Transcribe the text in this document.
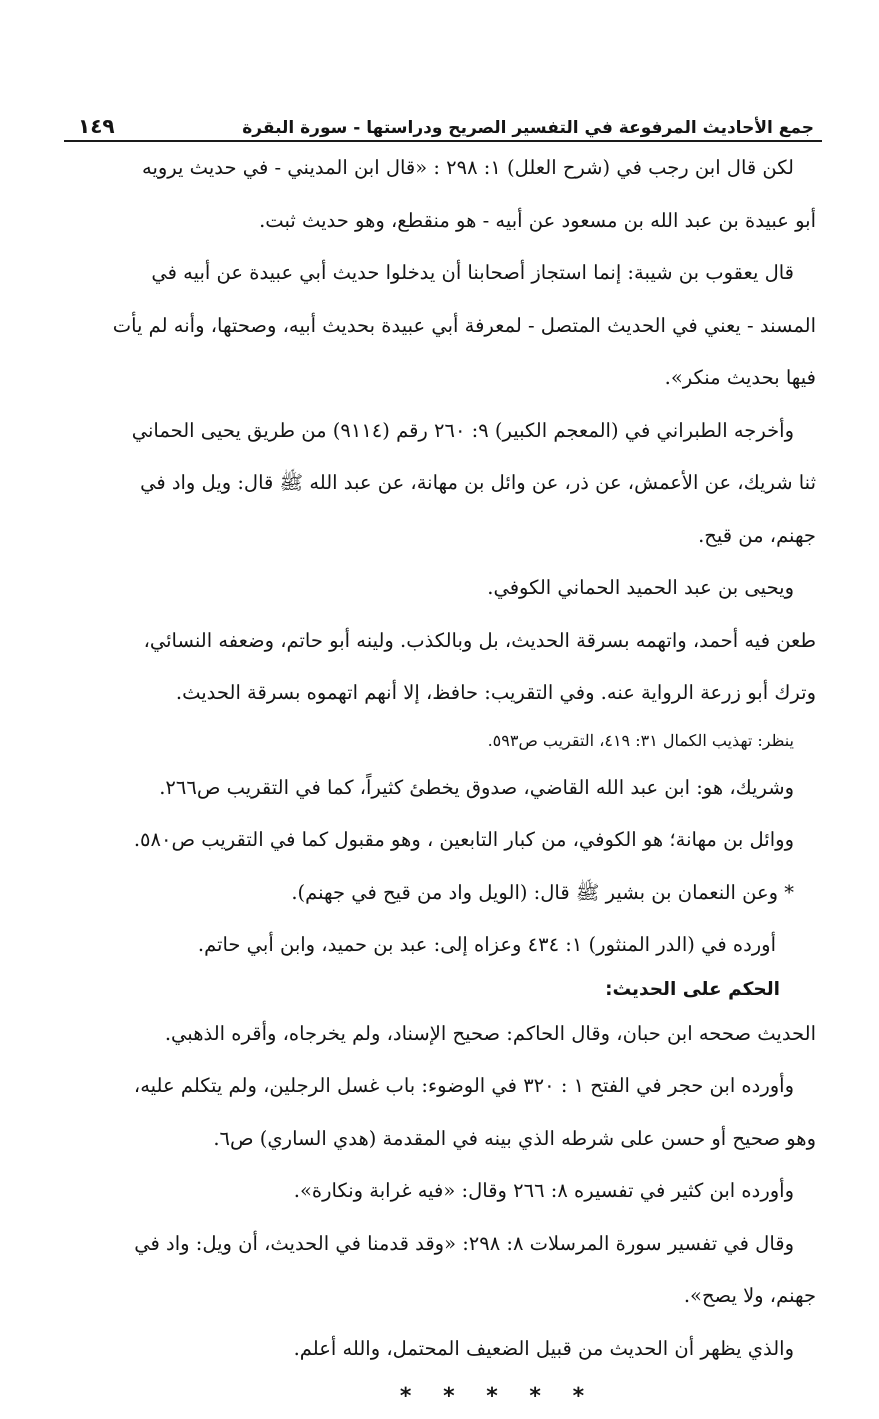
جمع الأحاديث المرفوعة في التفسير الصريح ودراستها - سورة البقرة
١٤٩
لكن قال ابن رجب في (شرح العلل) ١: ٢٩٨ : «قال ابن المديني - في حديث يرويه
أبو عبيدة بن عبد الله بن مسعود عن أبيه - هو منقطع، وهو حديث ثبت.
قال يعقوب بن شيبة: إنما استجاز أصحابنا أن يدخلوا حديث أبي عبيدة عن أبيه في
المسند - يعني في الحديث المتصل - لمعرفة أبي عبيدة بحديث أبيه، وصحتها، وأنه لم يأت
فيها بحديث منكر».
وأخرجه الطبراني في (المعجم الكبير) ٩: ٢٦٠ رقم (٩١١٤) من طريق يحيى الحماني
ثنا شريك، عن الأعمش، عن ذر، عن وائل بن مهانة، عن عبد الله ﷺ قال: ويل واد في
جهنم، من قيح.
ويحيى بن عبد الحميد الحماني الكوفي.
طعن فيه أحمد، واتهمه بسرقة الحديث، بل وبالكذب. ولينه أبو حاتم، وضعفه النسائي،
وترك أبو زرعة الرواية عنه. وفي التقريب: حافظ، إلا أنهم اتهموه بسرقة الحديث.
ينظر: تهذيب الكمال ٣١: ٤١٩، التقريب ص٥٩٣.
وشريك، هو: ابن عبد الله القاضي، صدوق يخطئ كثيراً، كما في التقريب ص٢٦٦.
ووائل بن مهانة؛ هو الكوفي، من كبار التابعين ، وهو مقبول كما في التقريب ص٥٨٠.
* وعن النعمان بن بشير ﷺ قال: (الويل واد من قيح في جهنم).
أورده في (الدر المنثور) ١: ٤٣٤ وعزاه إلى: عبد بن حميد، وابن أبي حاتم.
الحكم على الحديث:
الحديث صححه ابن حبان، وقال الحاكم: صحيح الإسناد، ولم يخرجاه، وأقره الذهبي.
وأورده ابن حجر في الفتح ١ : ٣٢٠ في الوضوء: باب غسل الرجلين، ولم يتكلم عليه،
وهو صحيح أو حسن على شرطه الذي بينه في المقدمة (هدي الساري) ص٦.
وأورده ابن كثير في تفسيره ٨: ٢٦٦ وقال: «فيه غرابة ونكارة».
وقال في تفسير سورة المرسلات ٨: ٢٩٨: «وقد قدمنا في الحديث، أن ويل: واد في
جهنم، ولا يصح».
والذي يظهر أن الحديث من قبيل الضعيف المحتمل، والله أعلم.
* * * * *
